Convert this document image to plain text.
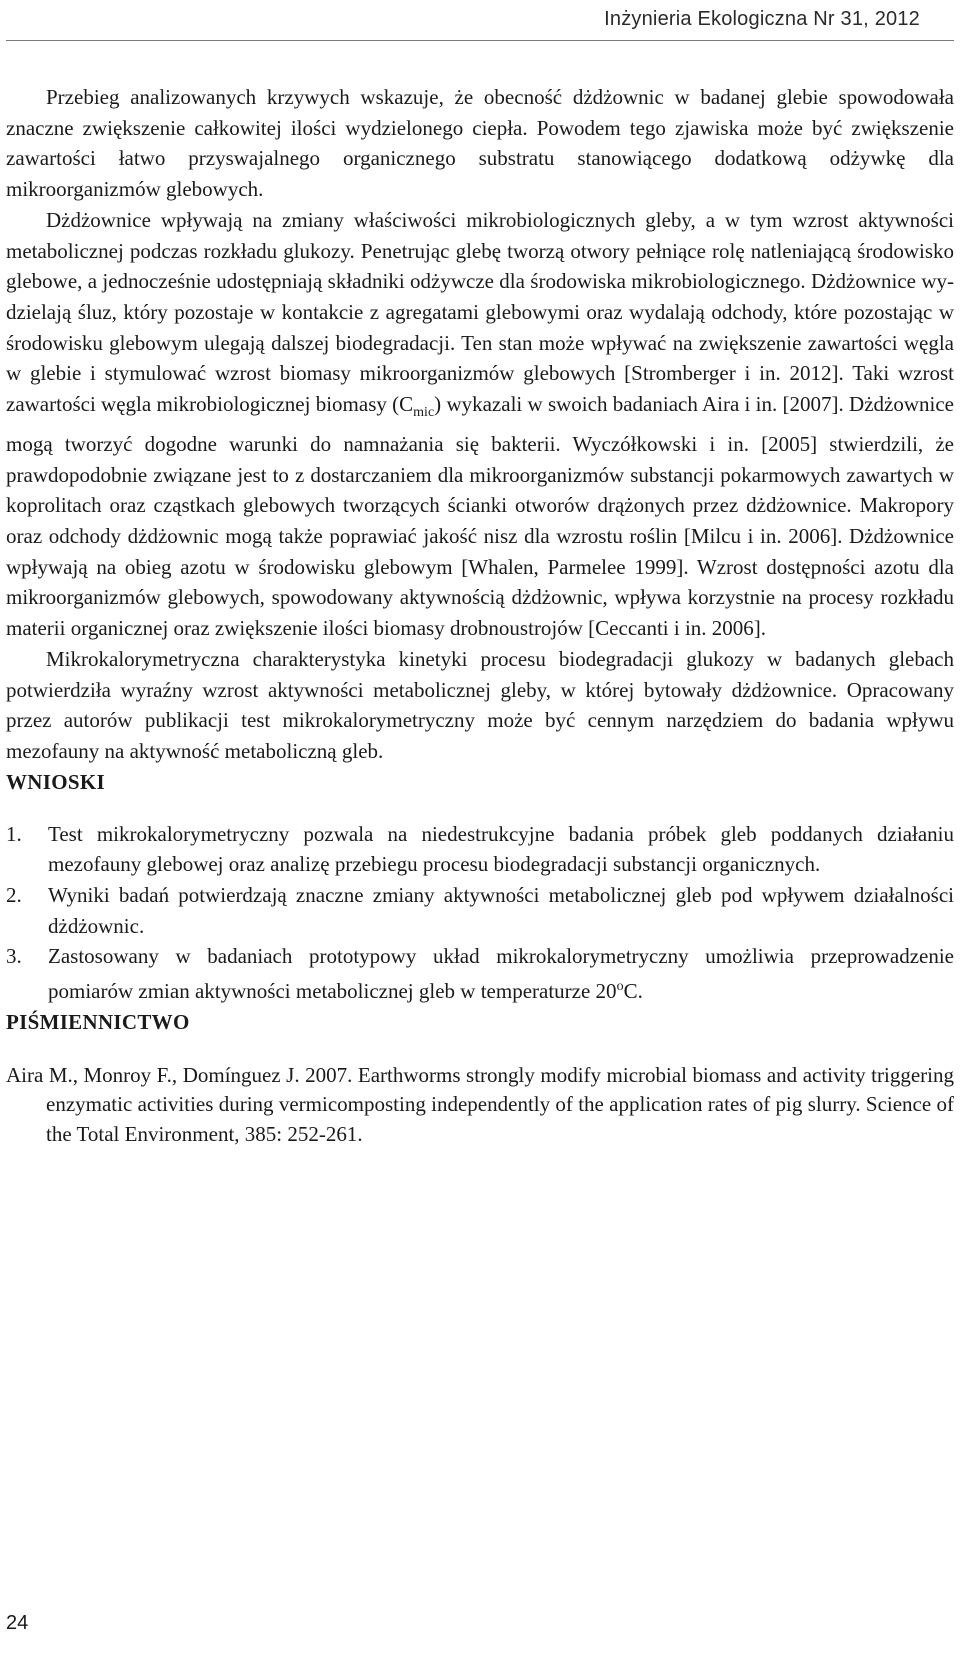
Inżynieria Ekologiczna Nr 31, 2012

Przebieg analizowanych krzywych wskazuje, że obecność dżdżownic w badanej glebie spowodowała znaczne zwiększenie całkowitej ilości wydzielonego ciepła. Powodem tego zjawiska może być zwiększenie zawartości łatwo przyswajalnego organicznego substratu stanowiącego dodatkową odżywkę dla mikroorganizmów glebowych.

Dżdżownice wpływają na zmiany właściwości mikrobiologicznych gleby, a w tym wzrost aktywności metabolicznej podczas rozkładu glukozy. Penetrując glebę tworzą otwory pełniące rolę natleniającą środowisko glebowe, a jednocześnie udostępniają składniki odżywcze dla środowiska mikrobiologicznego. Dżdżownice wydzielają śluz, który pozostaje w kontakcie z agregatami glebowymi oraz wydalają odchody, które pozostając w środowisku glebowym ulegają dalszej biodegradacji. Ten stan może wpływać na zwiększenie zawartości węgla w glebie i stymulować wzrost biomasy mikroorganizmów glebowych [Stromberger i in. 2012]. Taki wzrost zawartości węgla mikrobiologicznej biomasy $(C_{mic})$ wykazali w swoich badaniach Aira i in. [2007]. Dżdżownice mogą tworzyć dogodne warunki do namnażania się bakterii. Wyczółkowski i in. [2005] stwierdzili, że prawdopodobnie związane jest to z dostarczaniem dla mikroorganizmów substancji pokarmowych zawartych w koprolitach oraz cząstkach glebowych tworzących ścianki otworów drążonych przez dżdżownice. Makropory oraz odchody dżdżownic mogą także poprawiać jakość nisz dla wzrostu roślin [Milcu i in. 2006]. Dżdżownice wpływają na obieg azotu w środowisku glebowym [Whalen, Parmelee 1999]. Wzrost dostępności azotu dla mikroorganizmów glebowych, spowodowany aktywnością dżdżownic, wpływa korzystnie na procesy rozkładu materii organicznej oraz zwiększenie ilości biomasy drobnoustrojów [Ceccanti i in. 2006].

Mikrokalorymetryczna charakterystyka kinetyki procesu biodegradacji glukozy w badanych glebach potwierdziła wyraźny wzrost aktywności metabolicznej gleby, w której bytowały dżdżownice. Opracowany przez autorów publikacji test mikrokalorymetryczny może być cennym narzędziem do badania wpływu mezofauny na aktywność metaboliczną gleb.

WNIOSKI
1. Test mikrokalorymetryczny pozwala na niedestrukcyjne badania próbek gleb poddanych działaniu mezofauny glebowej oraz analizę przebiegu procesu biodegradacji substancji organicznych.
2. Wyniki badań potwierdzają znaczne zmiany aktywności metabolicznej gleb pod wpływem działalności dżdżownic.
3. Zastosowany w badaniach prototypowy układ mikrokalorymetryczny umożliwia przeprowadzenie pomiarów zmian aktywności metabolicznej gleb w temperaturze 20$^o$C.
PIŚMIENNICTWO

Aira M., Monroy F., Domínguez J. 2007. Earthworms strongly modify microbial biomass and activity triggering enzymatic activities during vermicomposting independently of the application rates of pig slurry. Science of the Total Environment, 385: 252-261.

24
